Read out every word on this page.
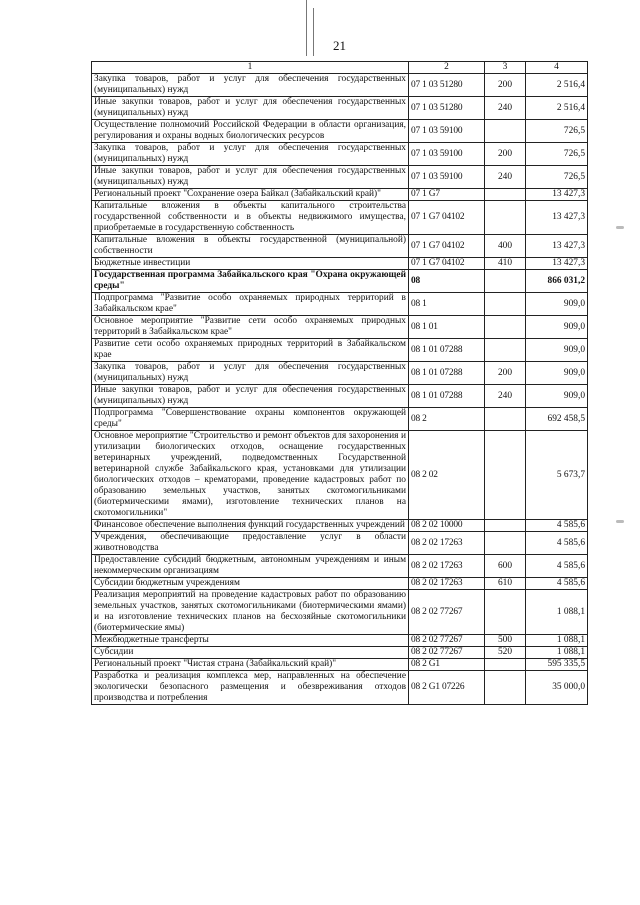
21
1	2	3	4
Закупка товаров, работ и услуг для обеспечения государственных (муниципальных) нужд	07 1 03 51280	200	2 516,4
Иные закупки товаров, работ и услуг для обеспечения государственных (муниципальных) нужд	07 1 03 51280	240	2 516,4
Осуществление полномочий Российской Федерации в области организация, регулирования и охраны водных биологических ресурсов	07 1 03 59100		726,5
Закупка товаров, работ и услуг для обеспечения государственных (муниципальных) нужд	07 1 03 59100	200	726,5
Иные закупки товаров, работ и услуг для обеспечения государственных (муниципальных) нужд	07 1 03 59100	240	726,5
Региональный проект "Сохранение озера Байкал (Забайкальский край)"	07 1 G7		13 427,3
Капитальные вложения в объекты капитального строительства государственной собственности и в объекты недвижимого имущества, приобретаемые в государственную собственность	07 1 G7 04102		13 427,3
Капитальные вложения в объекты государственной (муниципальной) собственности	07 1 G7 04102	400	13 427,3
Бюджетные инвестиции	07 1 G7 04102	410	13 427,3
Государственная программа Забайкальского края "Охрана окружающей среды"	08		866 031,2
Подпрограмма "Развитие особо охраняемых природных территорий в Забайкальском крае"	08 1		909,0
Основное мероприятие "Развитие сети особо охраняемых природных территорий в Забайкальском крае"	08 1 01		909,0
Развитие сети особо охраняемых природных территорий в Забайкальском крае	08 1 01 07288		909,0
Закупка товаров, работ и услуг для обеспечения государственных (муниципальных) нужд	08 1 01 07288	200	909,0
Иные закупки товаров, работ и услуг для обеспечения государственных (муниципальных) нужд	08 1 01 07288	240	909,0
Подпрограмма "Совершенствование охраны компонентов окружающей среды"	08 2		692 458,5
Основное мероприятие "Строительство и ремонт объектов для захоронения и утилизации биологических отходов, оснащение государственных ветеринарных учреждений, подведомственных Государственной ветеринарной службе Забайкальского края, установками для утилизации биологических отходов – крематорами, проведение кадастровых работ по образованию земельных участков, занятых скотомогильниками (биотермическими ямами), изготовление технических планов на скотомогильники"	08 2 02		5 673,7
Финансовое обеспечение выполнения функций государственных учреждений	08 2 02 10000		4 585,6
Учреждения, обеспечивающие предоставление услуг в области животноводства	08 2 02 17263		4 585,6
Предоставление субсидий бюджетным, автономным учреждениям и иным некоммерческим организациям	08 2 02 17263	600	4 585,6
Субсидии бюджетным учреждениям	08 2 02 17263	610	4 585,6
Реализация мероприятий на проведение кадастровых работ по образованию земельных участков, занятых скотомогильниками (биотермическими ямами) и на изготовление технических планов на бесхозяйные скотомогильники (биотермические ямы)	08 2 02 77267		1 088,1
Межбюджетные трансферты	08 2 02 77267	500	1 088,1
Субсидии	08 2 02 77267	520	1 088,1
Региональный проект "Чистая страна (Забайкальский край)"	08 2 G1		595 335,5
Разработка и реализация комплекса мер, направленных на обеспечение экологически безопасного размещения и обезвреживания отходов производства и потребления	08 2 G1 07226		35 000,0
